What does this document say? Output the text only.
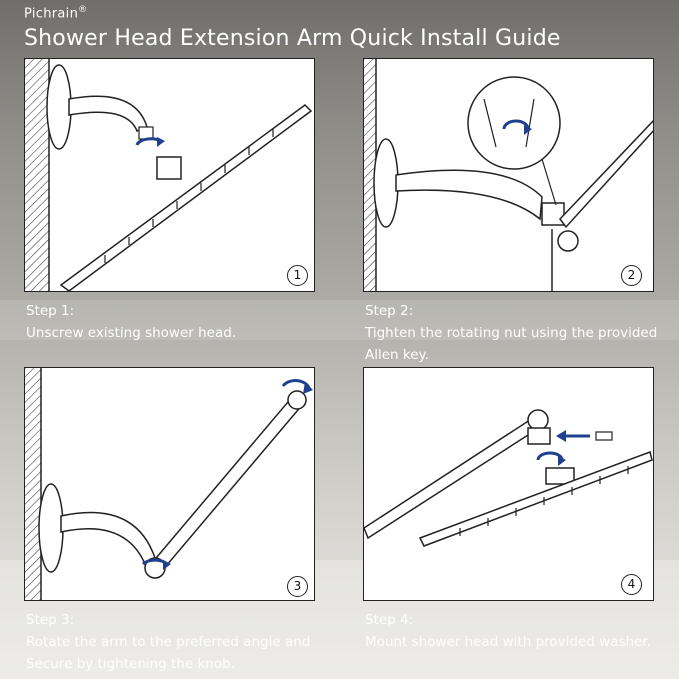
Pichrain®
Shower Head Extension Arm Quick Install Guide
1	2
3	4
Step 1:
Unscrew existing shower head.
Step 2:
Tighten the rotating nut using the provided
Allen key.
Step 3:
Rotate the arm to the preferred angle and
Secure by tightening the knob.
Step 4:
Mount shower head with provided washer.
